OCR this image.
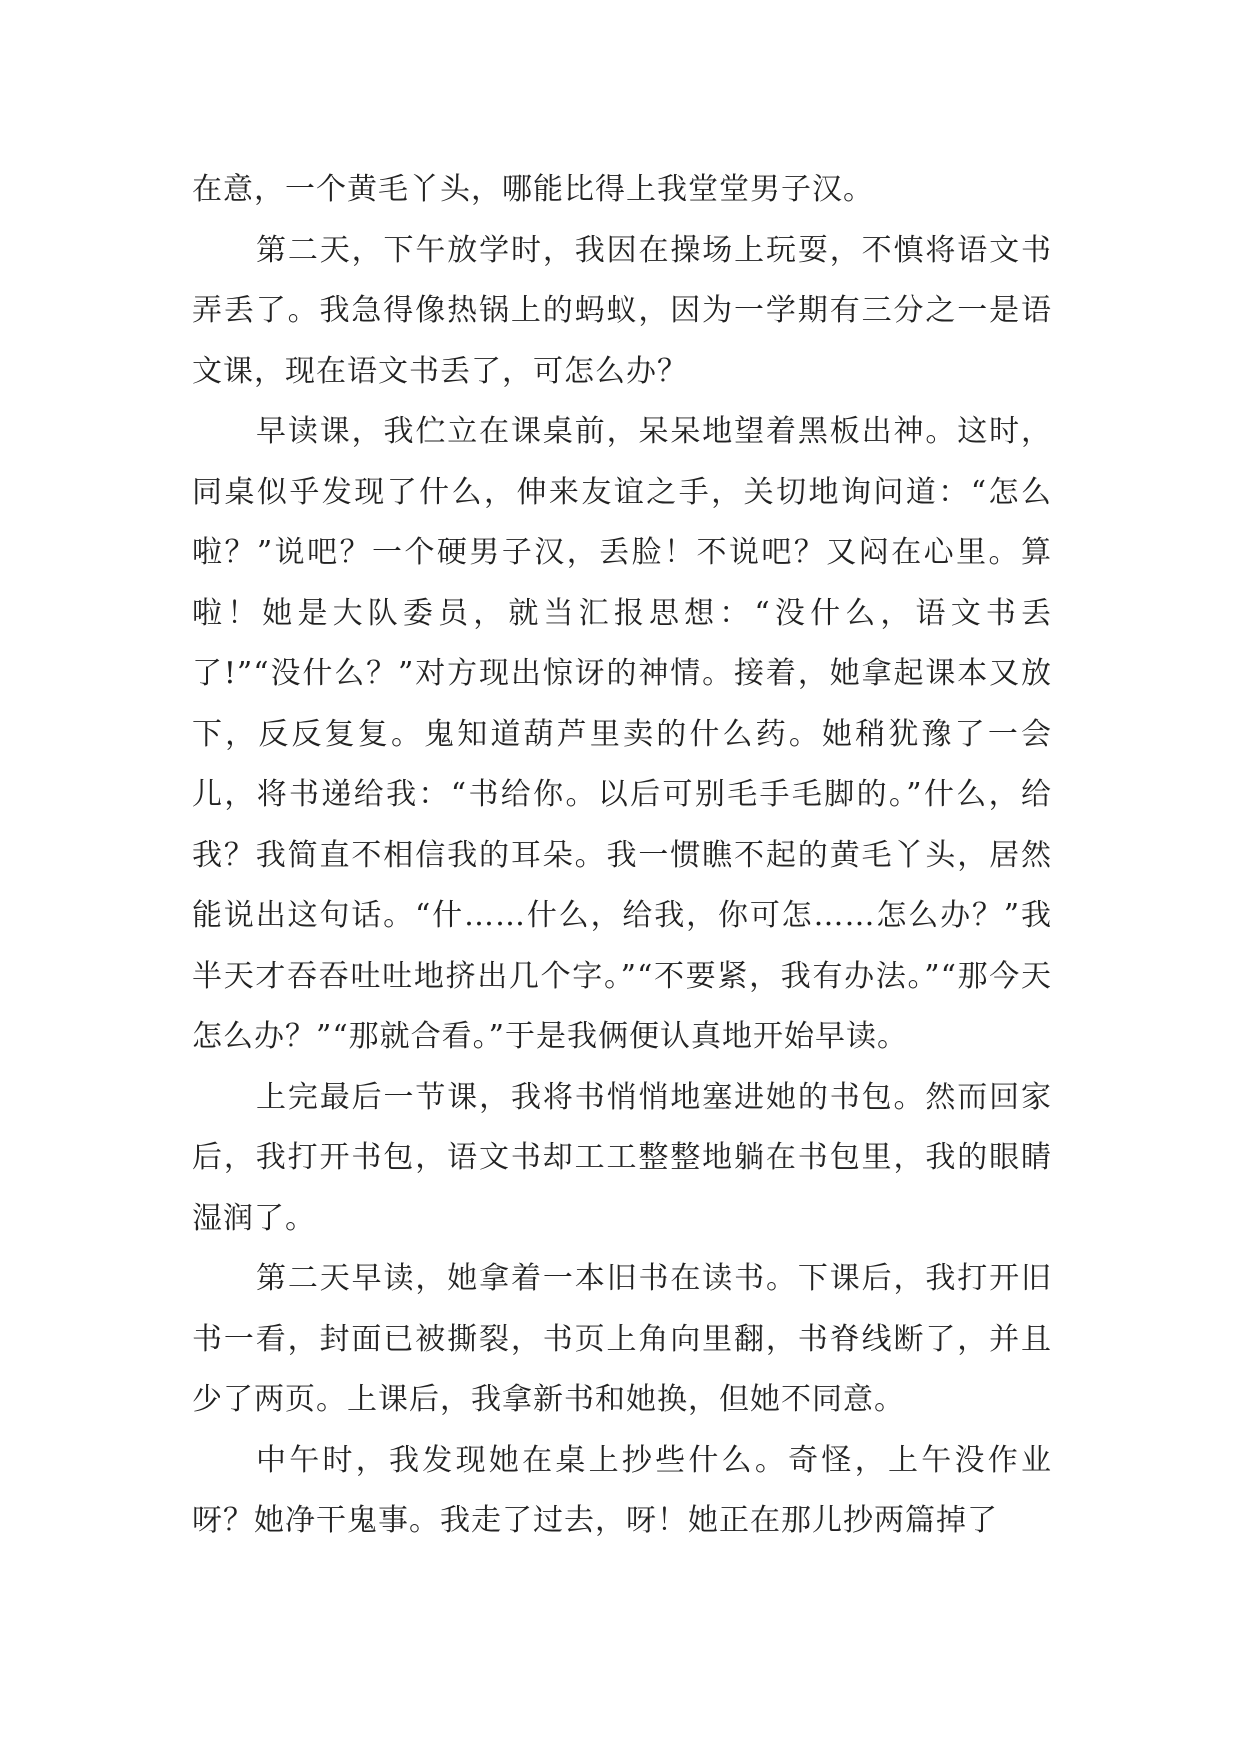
在意，一个黄毛丫头，哪能比得上我堂堂男子汉。

第二天，下午放学时，我因在操场上玩耍，不慎将语文书弄丢了。我急得像热锅上的蚂蚁，因为一学期有三分之一是语文课，现在语文书丢了，可怎么办？

早读课，我伫立在课桌前，呆呆地望着黑板出神。这时，同桌似乎发现了什么，伸来友谊之手，关切地询问道：“怎么啦？”说吧？一个硬男子汉，丢脸！不说吧？又闷在心里。算啦！她是大队委员，就当汇报思想：“没什么，语文书丢了!”“没什么？”对方现出惊讶的神情。接着，她拿起课本又放下，反反复复。鬼知道葫芦里卖的什么药。她稍犹豫了一会儿，将书递给我：“书给你。以后可别毛手毛脚的。”什么，给我？我简直不相信我的耳朵。我一惯瞧不起的黄毛丫头，居然能说出这句话。“什……什么，给我，你可怎……怎么办？”我半天才吞吞吐吐地挤出几个字。”“不要紧，我有办法。”“那今天怎么办？”“那就合看。”于是我俩便认真地开始早读。

上完最后一节课，我将书悄悄地塞进她的书包。然而回家后，我打开书包，语文书却工工整整地躺在书包里，我的眼睛湿润了。

第二天早读，她拿着一本旧书在读书。下课后，我打开旧书一看，封面已被撕裂，书页上角向里翻，书脊线断了，并且少了两页。上课后，我拿新书和她换，但她不同意。

中午时，我发现她在桌上抄些什么。奇怪，上午没作业呀？她净干鬼事。我走了过去，呀！她正在那儿抄两篇掉了
